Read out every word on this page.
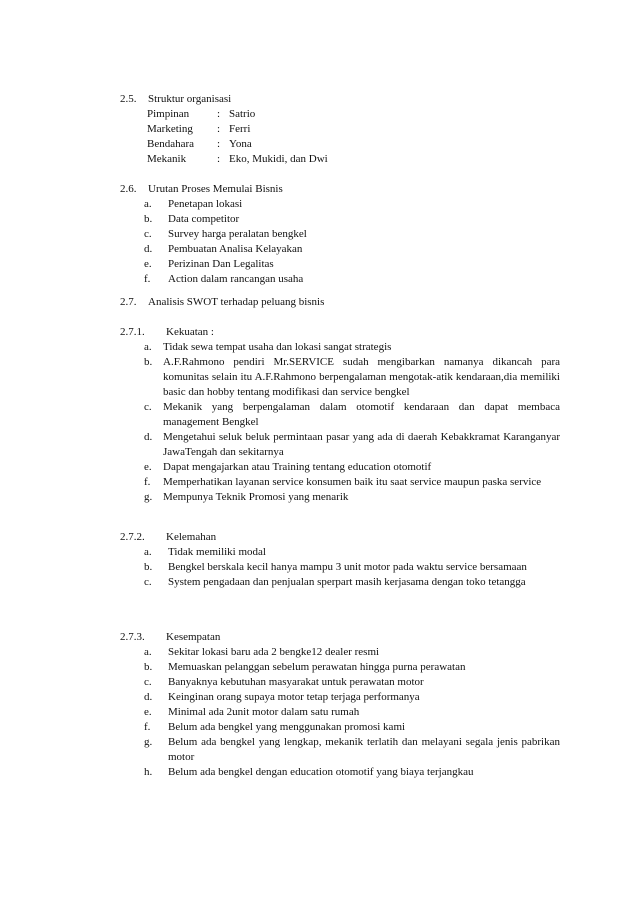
2.5. Struktur organisasi
Pimpinan	: Satrio
Marketing : Ferri
Bendahara : Yona
Mekanik	: Eko, Mukidi, dan Dwi
2.6. Urutan Proses Memulai Bisnis
a. Penetapan lokasi
b. Data competitor
c. Survey harga peralatan bengkel
d. Pembuatan Analisa Kelayakan
e. Perizinan Dan Legalitas
f. Action dalam rancangan usaha
2.7. Analisis SWOT terhadap peluang bisnis
2.7.1. Kekuatan :
a. Tidak sewa tempat usaha dan lokasi sangat strategis
b. A.F.Rahmono pendiri Mr.SERVICE sudah mengibarkan namanya dikancah para komunitas selain itu A.F.Rahmono berpengalaman mengotak-atik kendaraan,dia memiliki basic dan hobby tentang modifikasi dan service bengkel
c. Mekanik yang berpengalaman dalam otomotif kendaraan dan dapat membaca management Bengkel
d. Mengetahui seluk beluk permintaan pasar yang ada di daerah Kebakkramat Karanganyar JawaTengah dan sekitarnya
e. Dapat mengajarkan atau Training tentang education otomotif
f. Memperhatikan layanan service konsumen baik itu saat service maupun paska service
g. Mempunya Teknik Promosi yang menarik
2.7.2. Kelemahan
a. Tidak memiliki modal
b. Bengkel berskala kecil hanya mampu 3 unit motor pada waktu service bersamaan
c. System pengadaan dan penjualan sperpart masih kerjasama dengan toko tetangga
2.7.3. Kesempatan
a. Sekitar lokasi baru ada 2 bengke12 dealer resmi
b. Memuaskan pelanggan sebelum perawatan hingga purna perawatan
c. Banyaknya kebutuhan masyarakat untuk perawatan motor
d. Keinginan orang supaya motor tetap terjaga performanya
e. Minimal ada 2unit motor dalam satu rumah
f. Belum ada bengkel yang menggunakan promosi kami
g. Belum ada bengkel yang lengkap, mekanik terlatih dan melayani segala jenis pabrikan motor
h. Belum ada bengkel dengan education otomotif yang biaya terjangkau
